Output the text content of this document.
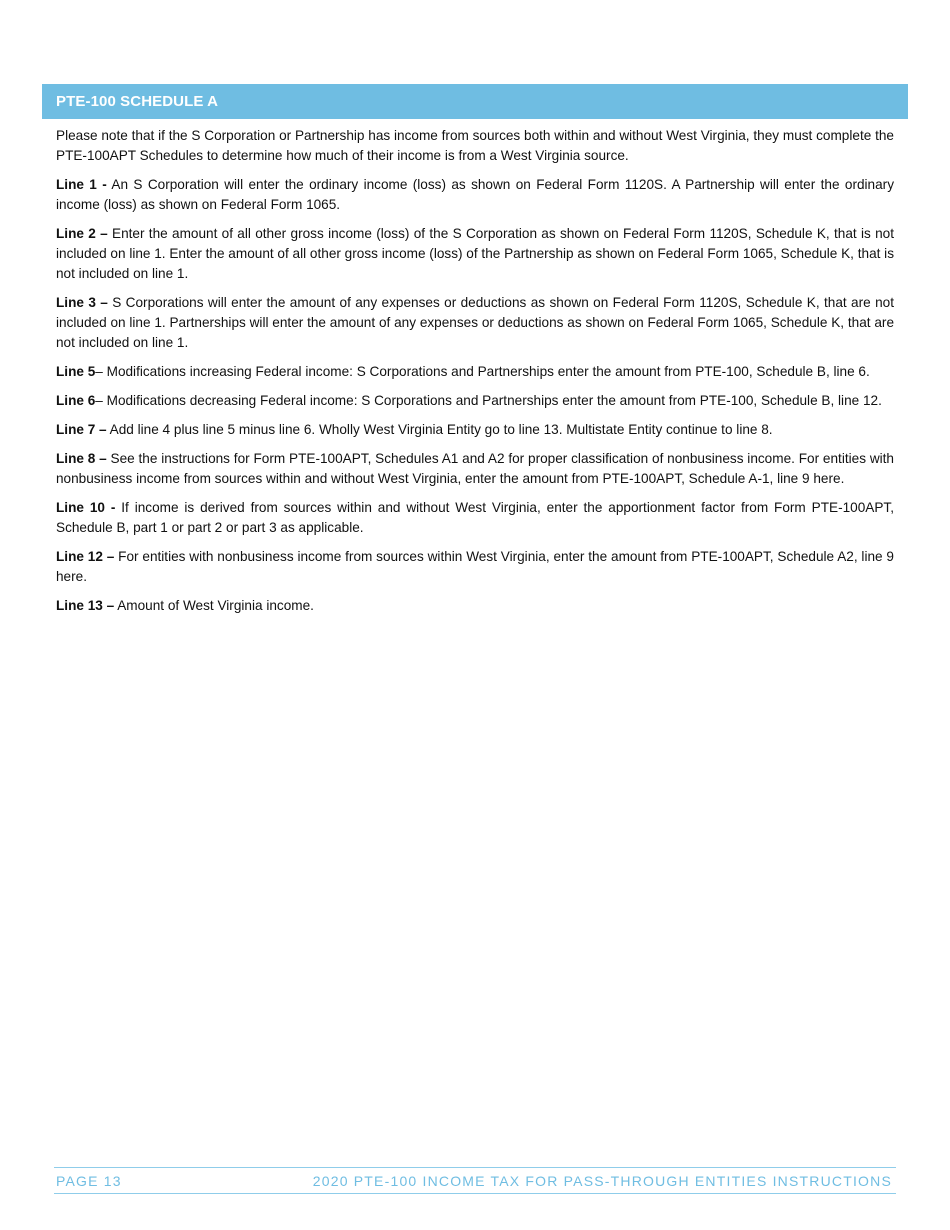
PTE-100 SCHEDULE A

Please note that if the S Corporation or Partnership has income from sources both within and without West Virginia, they must complete the PTE-100APT Schedules to determine how much of their income is from a West Virginia source.

Line 1 - An S Corporation will enter the ordinary income (loss) as shown on Federal Form 1120S. A Partnership will enter the ordinary income (loss) as shown on Federal Form 1065.

Line 2 – Enter the amount of all other gross income (loss) of the S Corporation as shown on Federal Form 1120S, Schedule K, that is not included on line 1. Enter the amount of all other gross income (loss) of the Partnership as shown on Federal Form 1065, Schedule K, that is not included on line 1.

Line 3 – S Corporations will enter the amount of any expenses or deductions as shown on Federal Form 1120S, Schedule K, that are not included on line 1. Partnerships will enter the amount of any expenses or deductions as shown on Federal Form 1065, Schedule K, that are not included on line 1.

Line 5– Modifications increasing Federal income: S Corporations and Partnerships enter the amount from PTE-100, Schedule B, line 6.

Line 6– Modifications decreasing Federal income: S Corporations and Partnerships enter the amount from PTE-100, Schedule B, line 12.

Line 7 – Add line 4 plus line 5 minus line 6. Wholly West Virginia Entity go to line 13. Multistate Entity continue to line 8.

Line 8 – See the instructions for Form PTE-100APT, Schedules A1 and A2 for proper classification of nonbusiness income. For entities with nonbusiness income from sources within and without West Virginia, enter the amount from PTE-100APT, Schedule A-1, line 9 here.

Line 10 - If income is derived from sources within and without West Virginia, enter the apportionment factor from Form PTE-100APT, Schedule B, part 1 or part 2 or part 3 as applicable.

Line 12 – For entities with nonbusiness income from sources within West Virginia, enter the amount from PTE-100APT, Schedule A2, line 9 here.

Line 13 – Amount of West Virginia income.

PAGE 13	2020 PTE-100 INCOME TAX FOR PASS-THROUGH ENTITIES INSTRUCTIONS
